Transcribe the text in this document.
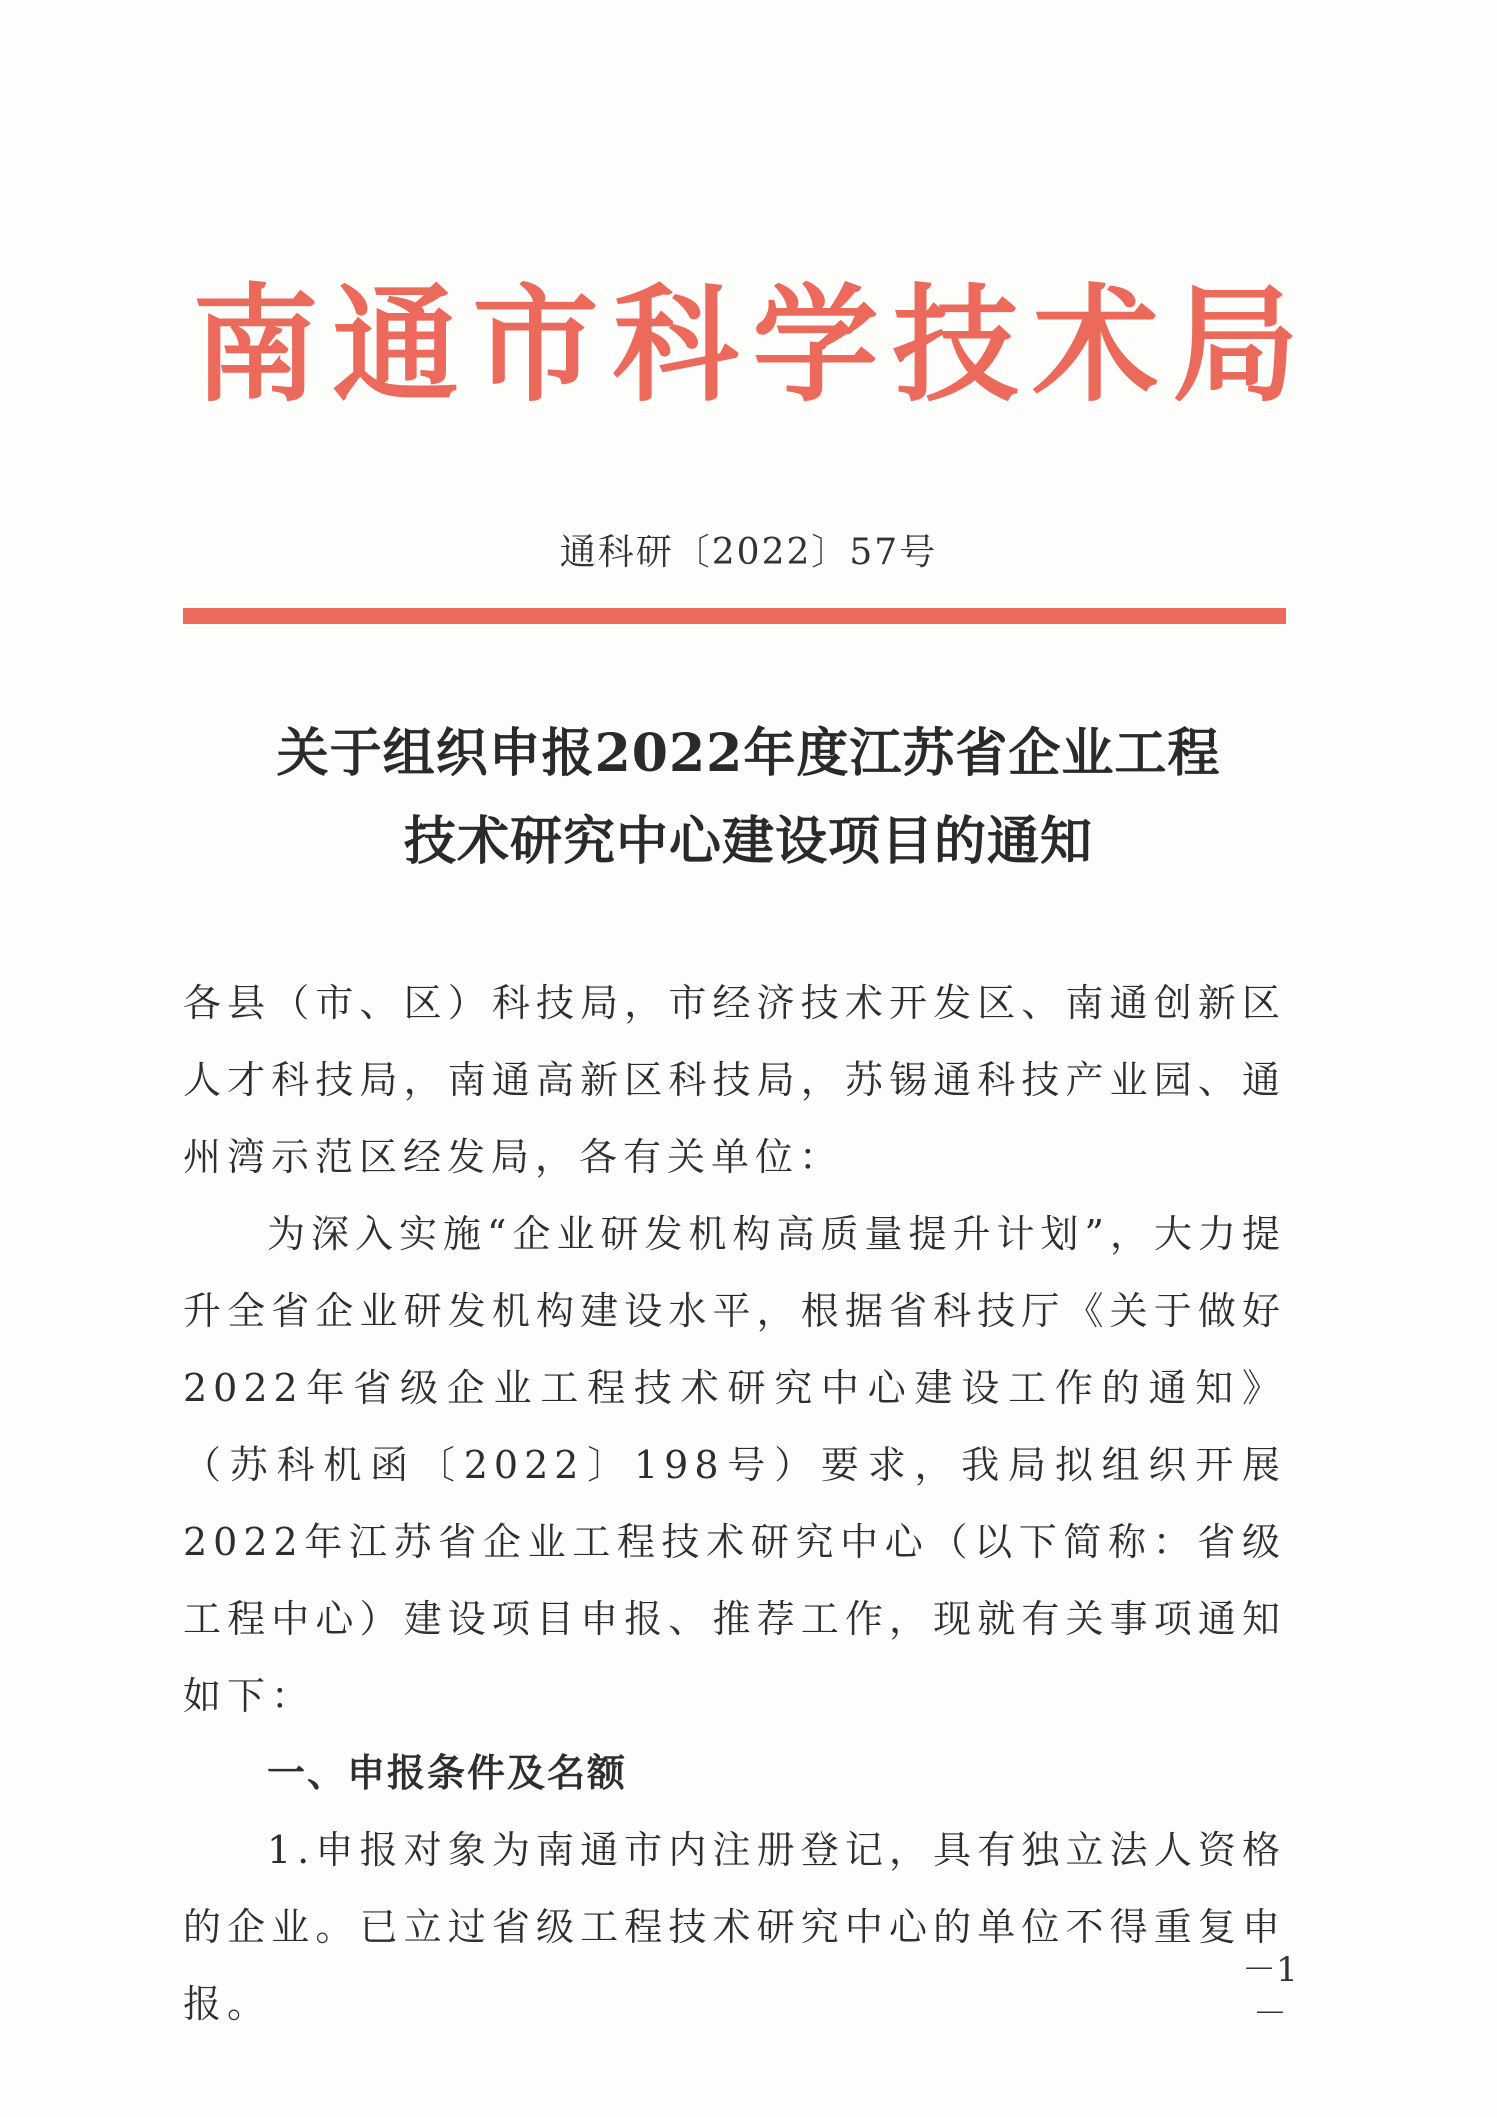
南通市科学技术局
通科研〔2022〕57号
关于组织申报2022年度江苏省企业工程
技术研究中心建设项目的通知

各县（市、区）科技局，市经济技术开发区、南通创新区人才科技局，南通高新区科技局，苏锡通科技产业园、通州湾示范区经发局，各有关单位：

为深入实施“企业研发机构高质量提升计划”，大力提升全省企业研发机构建设水平，根据省科技厅《关于做好2022年省级企业工程技术研究中心建设工作的通知》（苏科机函〔2022〕198号）要求，我局拟组织开展2022年江苏省企业工程技术研究中心（以下简称：省级工程中心）建设项目申报、推荐工作，现就有关事项通知如下：

一、申报条件及名额

1.申报对象为南通市内注册登记，具有独立法人资格的企业。已立过省级工程技术研究中心的单位不得重复申报。

－1－
